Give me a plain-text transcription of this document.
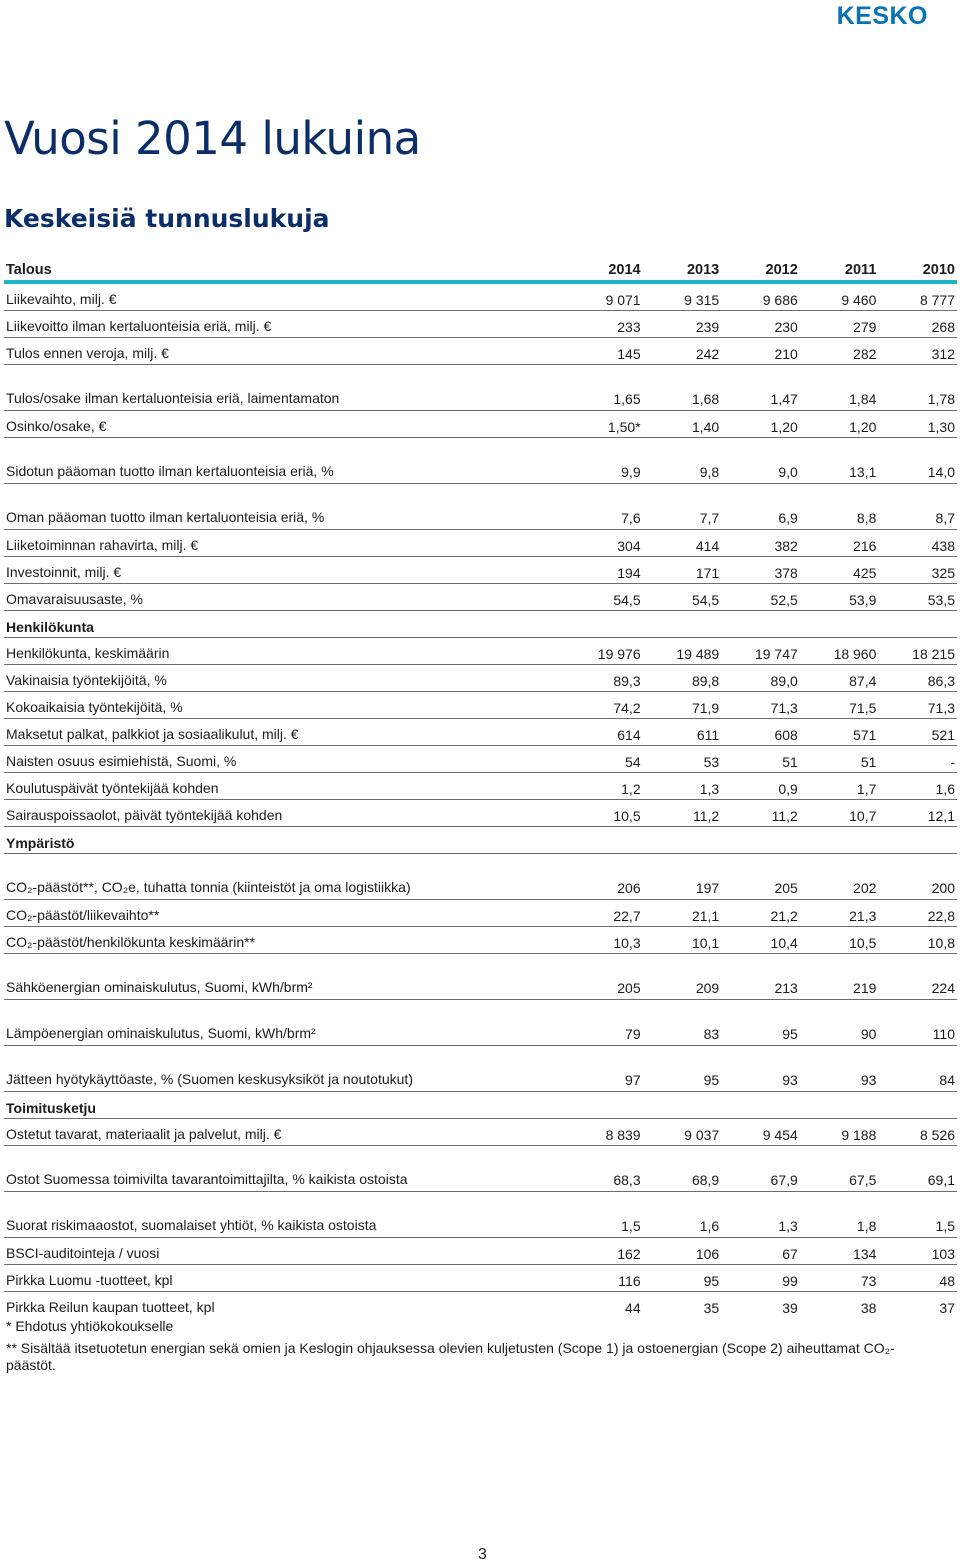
KESKO
Vuosi 2014 lukuina
Keskeisiä tunnuslukuja
Talous	2014	2013	2012	2011	2010
Liikevaihto, milj. €	9 071	9 315	9 686	9 460	8 777
Liikevoitto ilman kertaluonteisia eriä, milj. €	233	239	230	279	268
Tulos ennen veroja, milj. €	145	242	210	282	312
Tulos/osake ilman kertaluonteisia eriä, laimentamaton	1,65	1,68	1,47	1,84	1,78
Osinko/osake, €	1,50*	1,40	1,20	1,20	1,30
Sidotun pääoman tuotto ilman kertaluonteisia eriä, %	9,9	9,8	9,0	13,1	14,0
Oman pääoman tuotto ilman kertaluonteisia eriä, %	7,6	7,7	6,9	8,8	8,7
Liiketoiminnan rahavirta, milj. €	304	414	382	216	438
Investoinnit, milj. €	194	171	378	425	325
Omavaraisuusaste, %	54,5	54,5	52,5	53,9	53,5
Henkilökunta					
Henkilökunta, keskimäärin	19 976	19 489	19 747	18 960	18 215
Vakinaisia työntekijöitä, %	89,3	89,8	89,0	87,4	86,3
Kokoaikaisia työntekijöitä, %	74,2	71,9	71,3	71,5	71,3
Maksetut palkat, palkkiot ja sosiaalikulut, milj. €	614	611	608	571	521
Naisten osuus esimiehistä, Suomi, %	54	53	51	51	-
Koulutuspäivät työntekijää kohden	1,2	1,3	0,9	1,7	1,6
Sairauspoissaolot, päivät työntekijää kohden	10,5	11,2	11,2	10,7	12,1
Ympäristö					
CO₂-päästöt**, CO₂e, tuhatta tonnia (kiinteistöt ja oma logistiikka)	206	197	205	202	200
CO₂-päästöt/liikevaihto**	22,7	21,1	21,2	21,3	22,8
CO₂-päästöt/henkilökunta keskimäärin**	10,3	10,1	10,4	10,5	10,8
Sähköenergian ominaiskulutus, Suomi, kWh/brm²	205	209	213	219	224
Lämpöenergian ominaiskulutus, Suomi, kWh/brm²	79	83	95	90	110
Jätteen hyötykäyttöaste, % (Suomen keskusyksiköt ja noutotukut)	97	95	93	93	84
Toimitusketju					
Ostetut tavarat, materiaalit ja palvelut, milj. €	8 839	9 037	9 454	9 188	8 526
Ostot Suomessa toimivilta tavarantoimittajilta, % kaikista ostoista	68,3	68,9	67,9	67,5	69,1
Suorat riskimaaostot, suomalaiset yhtiöt, % kaikista ostoista	1,5	1,6	1,3	1,8	1,5
BSCI-auditointeja / vuosi	162	106	67	134	103
Pirkka Luomu -tuotteet, kpl	116	95	99	73	48
Pirkka Reilun kaupan tuotteet, kpl	44	35	39	38	37

* Ehdotus yhtiökokoukselle

** Sisältää itsetuotetun energian sekä omien ja Keslogin ohjauksessa olevien kuljetusten (Scope 1) ja ostoenergian (Scope 2) aiheuttamat CO₂-päästöt.

3
